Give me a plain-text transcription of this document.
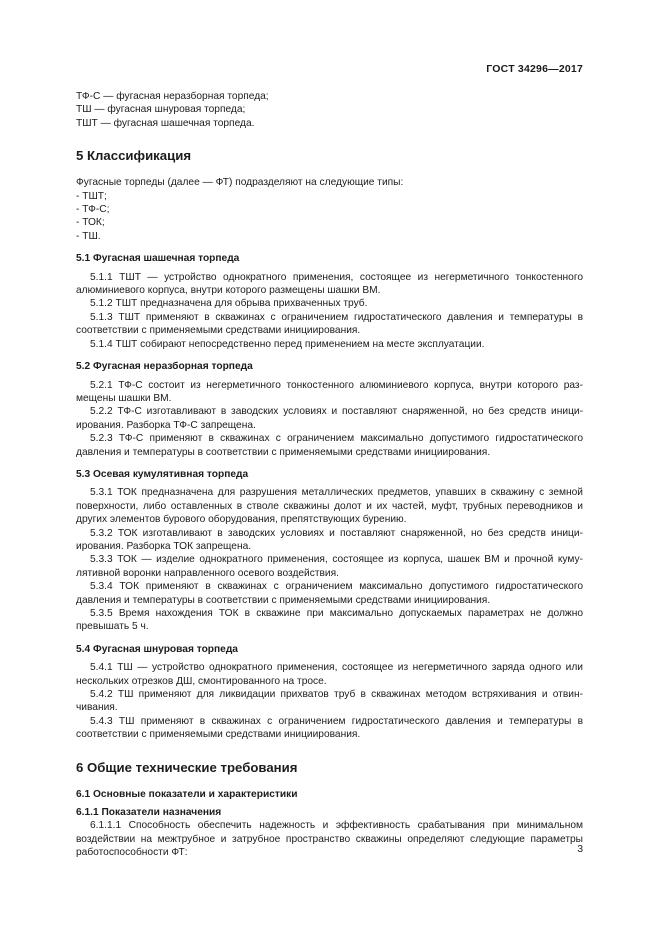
ГОСТ 34296—2017

ТФ-С — фугасная неразборная торпеда;

ТШ — фугасная шнуровая торпеда;

ТШТ — фугасная шашечная торпеда.

5 Классификация

Фугасные торпеды (далее — ФТ) подразделяют на следующие типы:

- ТШТ;

- ТФ-С;

- ТОК;

- ТШ.

5.1 Фугасная шашечная торпеда

5.1.1 ТШТ — устройство однократного применения, состоящее из негерметичного тонкостенного алюминиевого корпуса, внутри которого размещены шашки ВМ.

5.1.2 ТШТ предназначена для обрыва прихваченных труб.

5.1.3 ТШТ применяют в скважинах с ограничением гидростатического давления и температуры в соответствии с применяемыми средствами инициирования.

5.1.4 ТШТ собирают непосредственно перед применением на месте эксплуатации.

5.2 Фугасная неразборная торпеда

5.2.1 ТФ-С состоит из негерметичного тонкостенного алюминиевого корпуса, внутри которого размещены шашки ВМ.

5.2.2 ТФ-С изготавливают в заводских условиях и поставляют снаряженной, но без средств инициирования. Разборка ТФ-С запрещена.

5.2.3 ТФ-С применяют в скважинах с ограничением максимально допустимого гидростатического давления и температуры в соответствии с применяемыми средствами инициирования.

5.3 Осевая кумулятивная торпеда

5.3.1 ТОК предназначена для разрушения металлических предметов, упавших в скважину с земной поверхности, либо оставленных в стволе скважины долот и их частей, муфт, трубных переводников и других элементов бурового оборудования, препятствующих бурению.

5.3.2 ТОК изготавливают в заводских условиях и поставляют снаряженной, но без средств инициирования. Разборка ТОК запрещена.

5.3.3 ТОК — изделие однократного применения, состоящее из корпуса, шашек ВМ и прочной кумулятивной воронки направленного осевого воздействия.

5.3.4 ТОК применяют в скважинах с ограничением максимально допустимого гидростатического давления и температуры в соответствии с применяемыми средствами инициирования.

5.3.5 Время нахождения ТОК в скважине при максимально допускаемых параметрах не должно превышать 5 ч.

5.4 Фугасная шнуровая торпеда

5.4.1 ТШ — устройство однократного применения, состоящее из негерметичного заряда одного или нескольких отрезков ДШ, смонтированного на тросе.

5.4.2 ТШ применяют для ликвидации прихватов труб в скважинах методом встряхивания и отвинчивания.

5.4.3 ТШ применяют в скважинах с ограничением гидростатического давления и температуры в соответствии с применяемыми средствами инициирования.

6 Общие технические требования
6.1 Основные показатели и характеристики
6.1.1 Показатели назначения

6.1.1.1 Способность обеспечить надежность и эффективность срабатывания при минимальном воздействии на межтрубное и затрубное пространство скважины определяют следующие параметры работоспособности ФТ:	3
